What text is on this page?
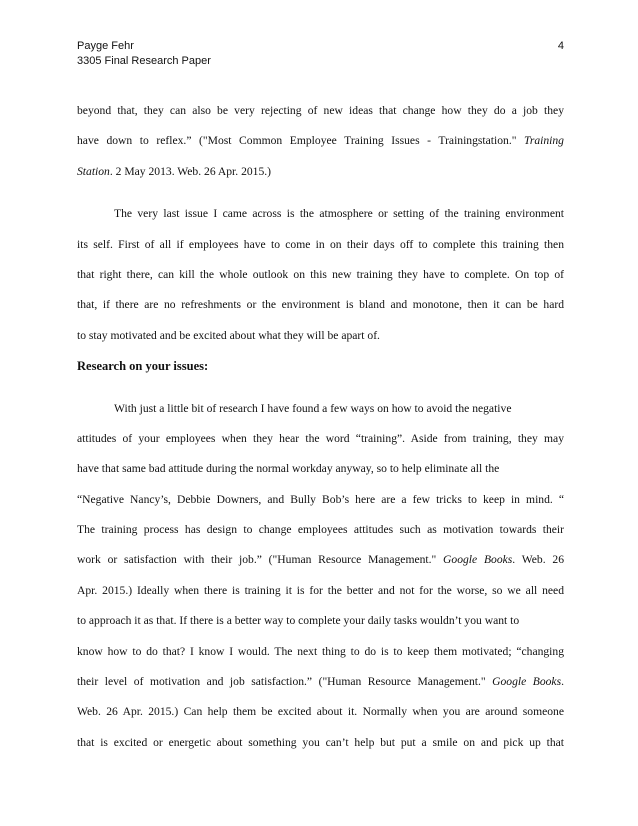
Payge Fehr
3305 Final Research Paper
4
beyond that, they can also be very rejecting of new ideas that change how they do a job they
have down to reflex.” ("Most Common Employee Training Issues - Trainingstation." Training
Station. 2 May 2013. Web. 26 Apr. 2015.)
The very last issue I came across is the atmosphere or setting of the training environment
its self. First of all if employees have to come in on their days off to complete this training then
that right there, can kill the whole outlook on this new training they have to complete. On top of
that, if there are no refreshments or the environment is bland and monotone, then it can be hard
to stay motivated and be excited about what they will be apart of.
Research on your issues:
With just a little bit of research I have found a few ways on how to avoid the negative
attitudes of your employees when they hear the word “training”. Aside from training, they may
have that same bad attitude during the normal workday anyway, so to help eliminate all the
“Negative Nancy’s, Debbie Downers, and Bully Bob’s here are a few tricks to keep in mind. “
The training process has design to change employees attitudes such as motivation towards their
work or satisfaction with their job.” ("Human Resource Management." Google Books. Web. 26
Apr. 2015.) Ideally when there is training it is for the better and not for the worse, so we all need
to approach it as that. If there is a better way to complete your daily tasks wouldn’t you want to
know how to do that? I know I would. The next thing to do is to keep them motivated; “changing
their level of motivation and job satisfaction.” ("Human Resource Management." Google Books.
Web. 26 Apr. 2015.) Can help them be excited about it. Normally when you are around someone
that is excited or energetic about something you can’t help but put a smile on and pick up that
